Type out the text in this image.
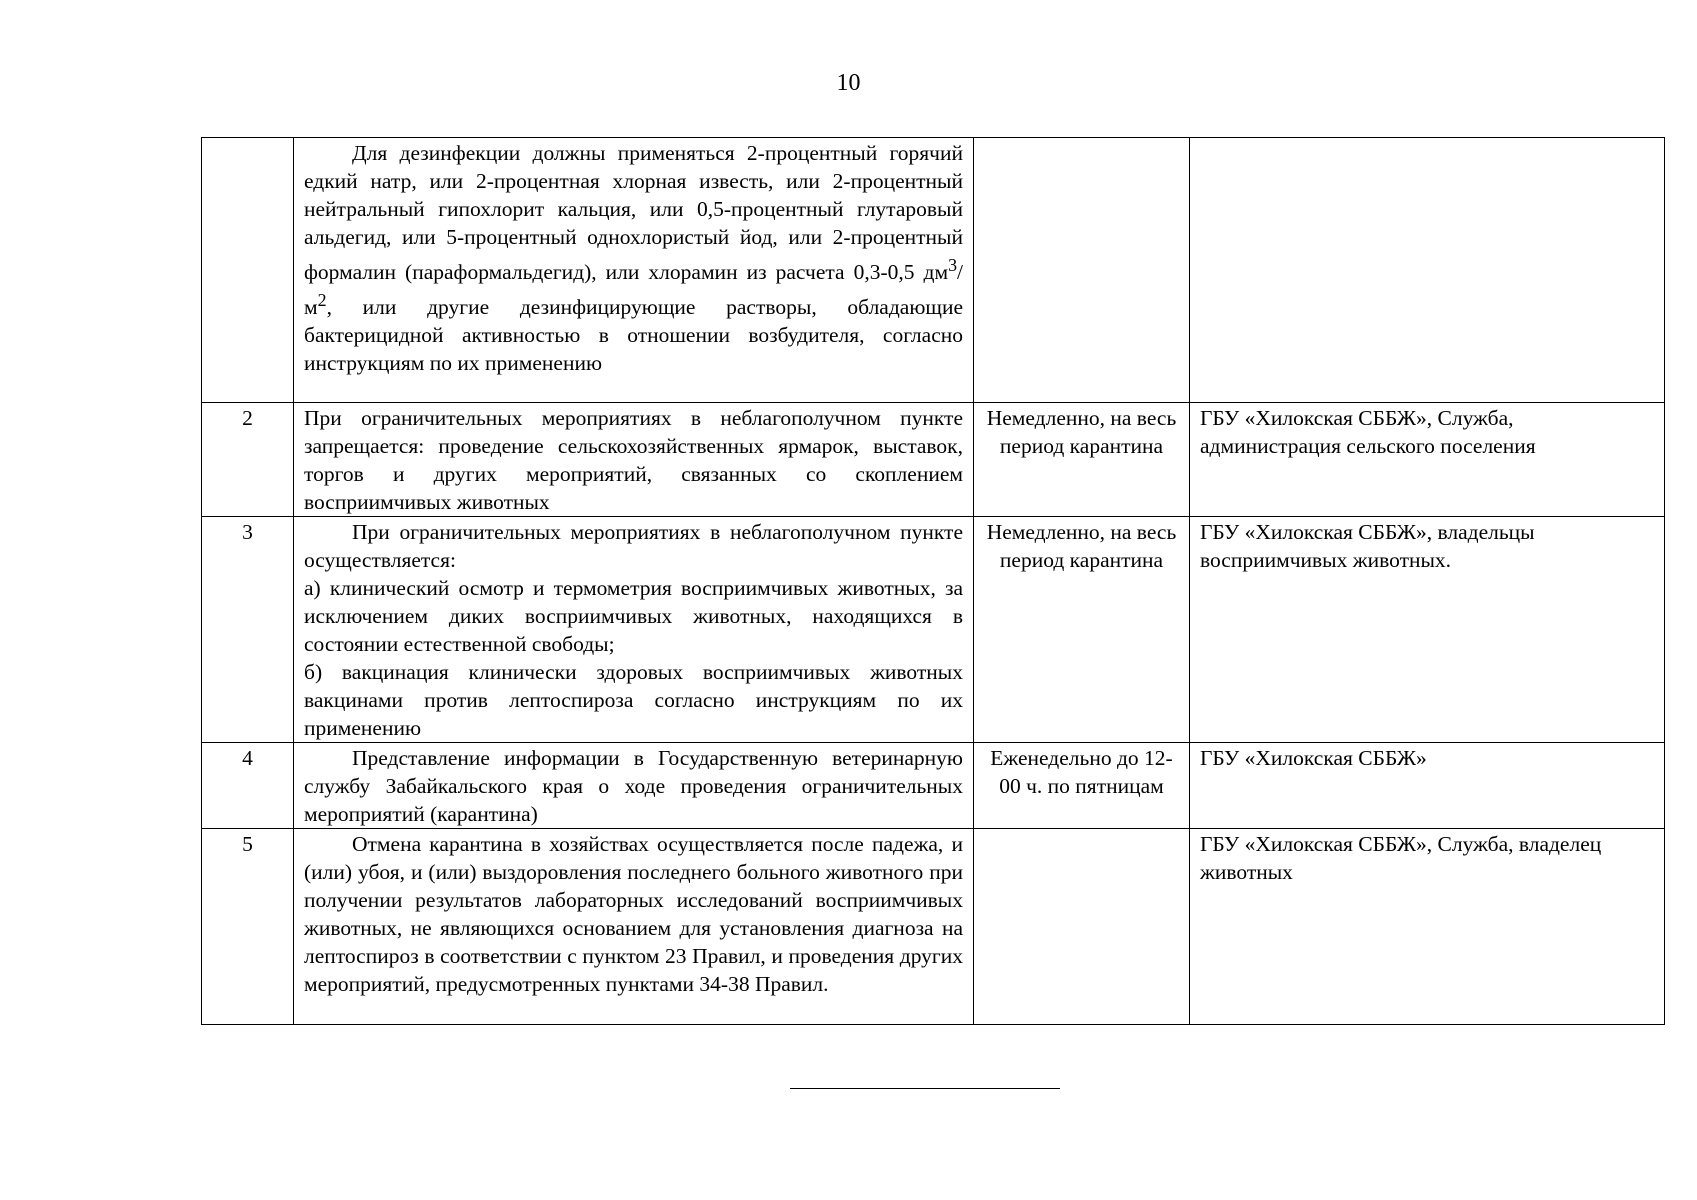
10

	Для дезинфекции должны применяться 2-процентный горячий едкий натр, или 2-процентная хлорная известь, или 2-процентный нейтральный гипохлорит кальция, или 0,5-процентный глутаровый альдегид, или 5-процентный однохлористый йод, или 2-процентный формалин (параформальдегид), или хлорамин из расчета 0,3-0,5 $дм^3/м^2$, или другие дезинфицирующие растворы, обладающие бактерицидной активностью в отношении возбудителя, согласно инструкциям по их применению		

2	При ограничительных мероприятиях в неблагополучном пункте запрещается: проведение сельскохозяйственных ярмарок, выставок, торгов и других мероприятий, связанных со скоплением восприимчивых животных	Немедленно, на весь период карантина	ГБУ «Хилокская СББЖ», Служба, администрация сельского поселения
3	При ограничительных мероприятиях в неблагополучном пункте осуществляется:

а) клинический осмотр и термометрия восприимчивых животных, за исключением диких восприимчивых животных, находящихся в состоянии естественной свободы;

б) вакцинация клинически здоровых восприимчивых животных вакцинами против лептоспироза согласно инструкциям по их применению	Немедленно, на весь период карантина	ГБУ «Хилокская СББЖ», владельцы восприимчивых животных.
4	Представление информации в Государственную ветеринарную службу Забайкальского края о ходе проведения ограничительных мероприятий (карантина)	Еженедельно до 12-00 ч. по пятницам	ГБУ «Хилокская СББЖ»
5	Отмена карантина в хозяйствах осуществляется после падежа, и (или) убоя, и (или) выздоровления последнего больного животного при получении результатов лабораторных исследований восприимчивых животных, не являющихся основанием для установления диагноза на лептоспироз в соответствии с пунктом 23 Правил, и проведения других мероприятий, предусмотренных пунктами 34-38 Правил.		ГБУ «Хилокская СББЖ», Служба, владелец животных
